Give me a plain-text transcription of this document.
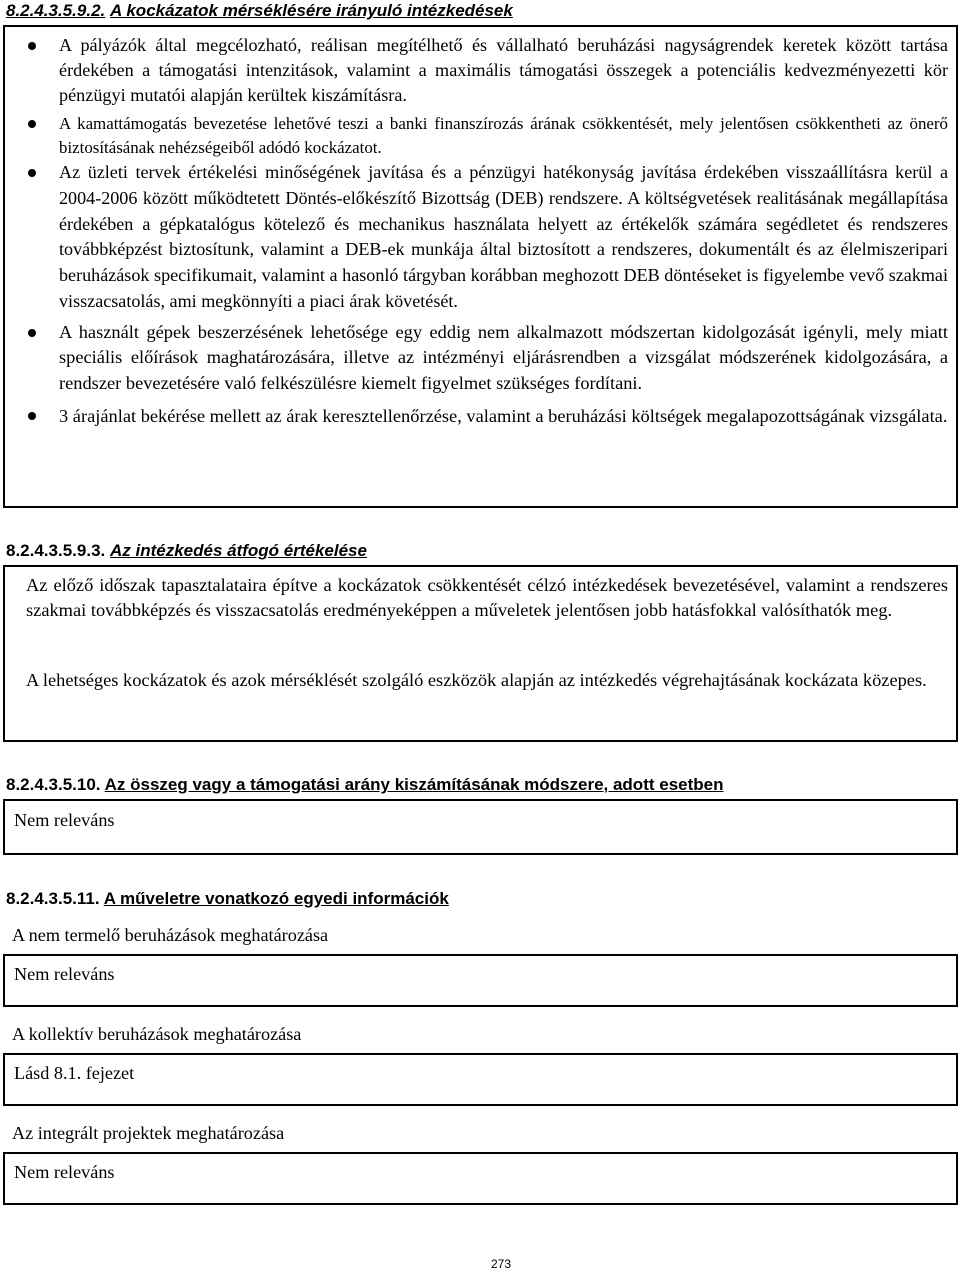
8.2.4.3.5.9.2. A kockázatok mérséklésére irányuló intézkedések
A pályázók által megcélozható, reálisan megítélhető és vállalható beruházási nagyságrendek keretek között tartása érdekében a támogatási intenzitások, valamint a maximális támogatási összegek a potenciális kedvezményezetti kör pénzügyi mutatói alapján kerültek kiszámításra.
A kamattámogatás bevezetése lehetővé teszi a banki finanszírozás árának csökkentését, mely jelentősen csökkentheti az önerő biztosításának nehézségeiből adódó kockázatot.
Az üzleti tervek értékelési minőségének javítása és a pénzügyi hatékonyság javítása érdekében visszaállításra kerül a 2004-2006 között működtetett Döntés-előkészítő Bizottság (DEB) rendszere. A költségvetések realitásának megállapítása érdekében a gépkatalógus kötelező és mechanikus használata helyett az értékelők számára segédletet és rendszeres továbbképzést biztosítunk, valamint a DEB-ek munkája által biztosított a rendszeres, dokumentált és az élelmiszeripari beruházások specifikumait, valamint a hasonló tárgyban korábban meghozott DEB döntéseket is figyelembe vevő szakmai visszacsatolás, ami megkönnyíti a piaci árak követését.
A használt gépek beszerzésének lehetősége egy eddig nem alkalmazott módszertan kidolgozását igényli, mely miatt speciális előírások maghatározására, illetve az intézményi eljárásrendben a vizsgálat módszerének kidolgozására, a rendszer bevezetésére való felkészülésre kiemelt figyelmet szükséges fordítani.
3 árajánlat bekérése mellett az árak keresztellenőrzése, valamint a beruházási költségek megalapozottságának vizsgálata.
8.2.4.3.5.9.3. Az intézkedés átfogó értékelése

Az előző időszak tapasztalataira építve a kockázatok csökkentését célzó intézkedések bevezetésével, valamint a rendszeres szakmai továbbképzés és visszacsatolás eredményeképpen a műveletek jelentősen jobb hatásfokkal valósíthatók meg.

A lehetséges kockázatok és azok mérséklését szolgáló eszközök alapján az intézkedés végrehajtásának kockázata közepes.

8.2.4.3.5.10. Az összeg vagy a támogatási arány kiszámításának módszere, adott esetben
Nem releváns
8.2.4.3.5.11. A műveletre vonatkozó egyedi információk
A nem termelő beruházások meghatározása
Nem releváns
A kollektív beruházások meghatározása
Lásd 8.1. fejezet
Az integrált projektek meghatározása
Nem releváns
273
